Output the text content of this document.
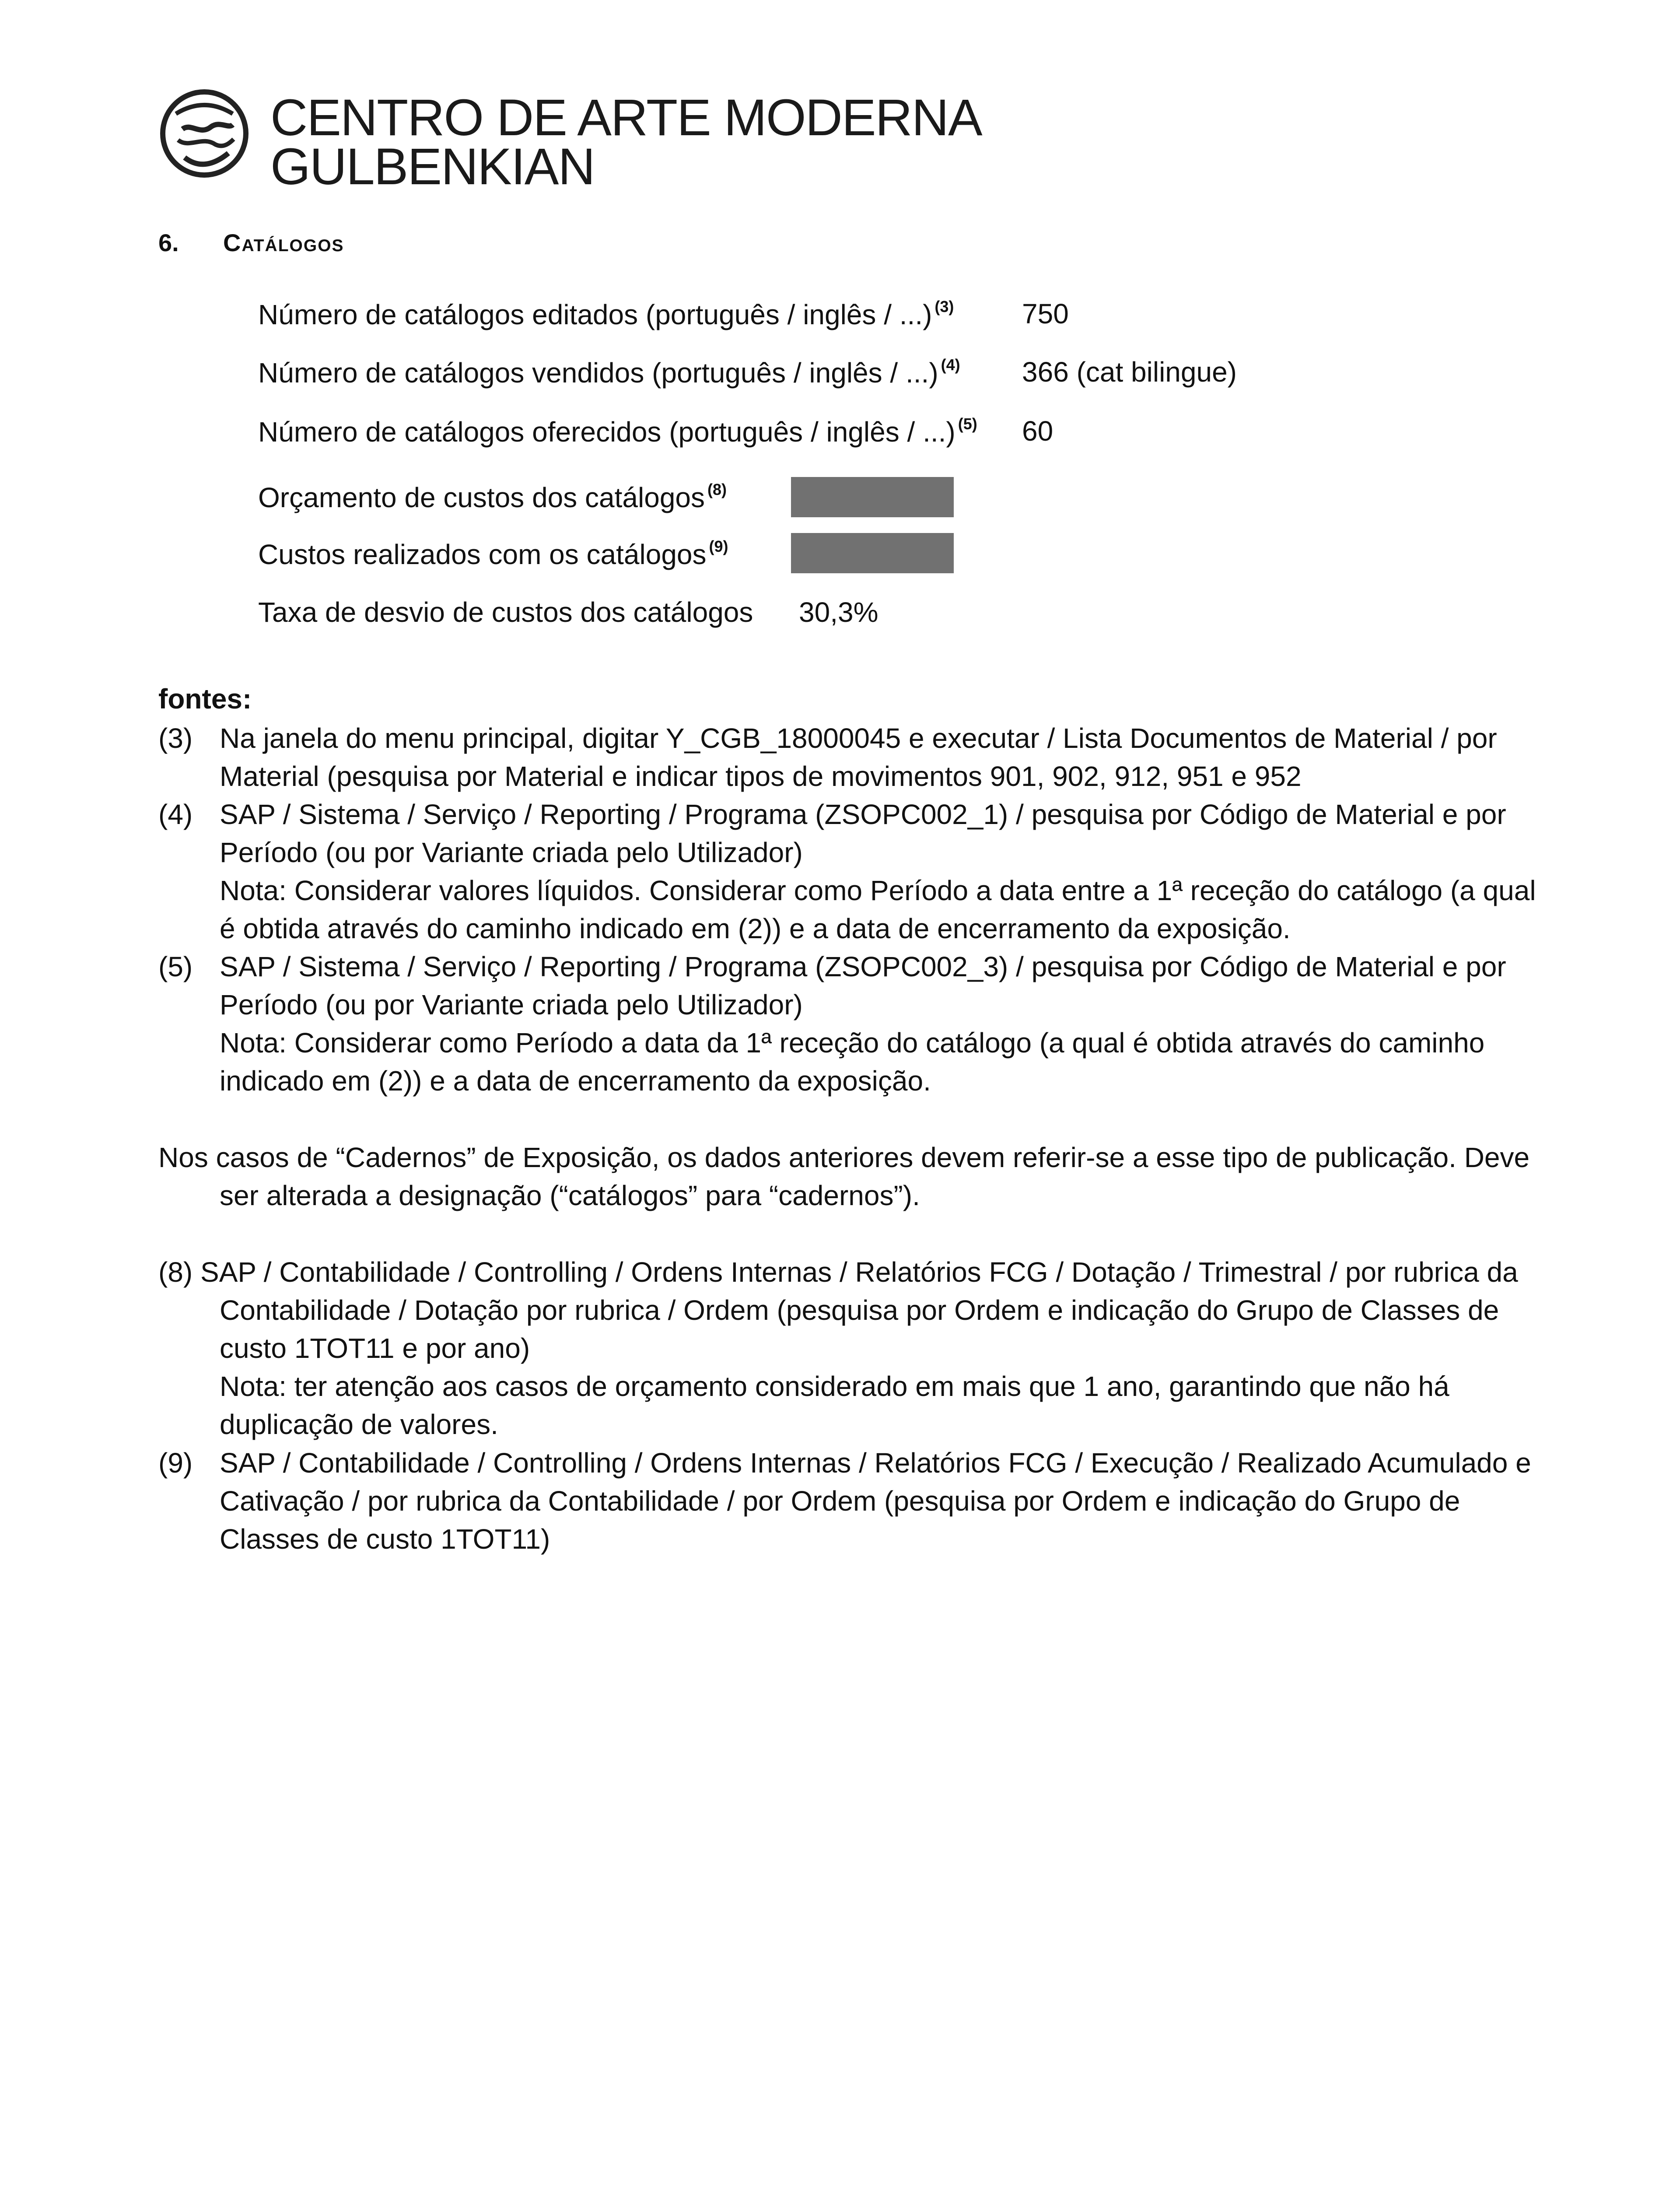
CENTRO DE ARTE MODERNA
GULBENKIAN
6. Catálogos
Número de catálogos editados (português / inglês / ...) $^{(3)}$ 750
Número de catálogos vendidos (português / inglês / ...) $^{(4)}$ 366 (cat bilingue)
Número de catálogos oferecidos (português / inglês / ...) $^{(5)}$ 60
Orçamento de custos dos catálogos $^{(8)}$
Custos realizados com os catálogos $^{(9)}$
Taxa de desvio de custos dos catálogos 30,3%
fontes:
(3) Na janela do menu principal, digitar Y_CGB_18000045 e executar / Lista Documentos de Material / por Material (pesquisa por Material e indicar tipos de movimentos 901, 902, 912, 951 e 952
(4) SAP / Sistema / Serviço / Reporting / Programa (ZSOPC002_1) / pesquisa por Código de Material e por Período (ou por Variante criada pelo Utilizador)
Nota: Considerar valores líquidos. Considerar como Período a data entre a 1ª receção do catálogo (a qual é obtida através do caminho indicado em (2)) e a data de encerramento da exposição.
(5) SAP / Sistema / Serviço / Reporting / Programa (ZSOPC002_3) / pesquisa por Código de Material e por Período (ou por Variante criada pelo Utilizador)
Nota: Considerar como Período a data da 1ª receção do catálogo (a qual é obtida através do caminho indicado em (2)) e a data de encerramento da exposição.
Nos casos de “Cadernos” de Exposição, os dados anteriores devem referir-se a esse tipo de publicação. Deve
ser alterada a designação (“catálogos” para “cadernos”).
(8) SAP / Contabilidade / Controlling / Ordens Internas / Relatórios FCG / Dotação / Trimestral / por rubrica da
Contabilidade / Dotação por rubrica / Ordem (pesquisa por Ordem e indicação do Grupo de Classes de custo 1TOT11 e por ano)
Nota: ter atenção aos casos de orçamento considerado em mais que 1 ano, garantindo que não há duplicação de valores.
(9) SAP / Contabilidade / Controlling / Ordens Internas / Relatórios FCG / Execução / Realizado Acumulado e Cativação / por rubrica da Contabilidade / por Ordem (pesquisa por Ordem e indicação do Grupo de Classes de custo 1TOT11)
